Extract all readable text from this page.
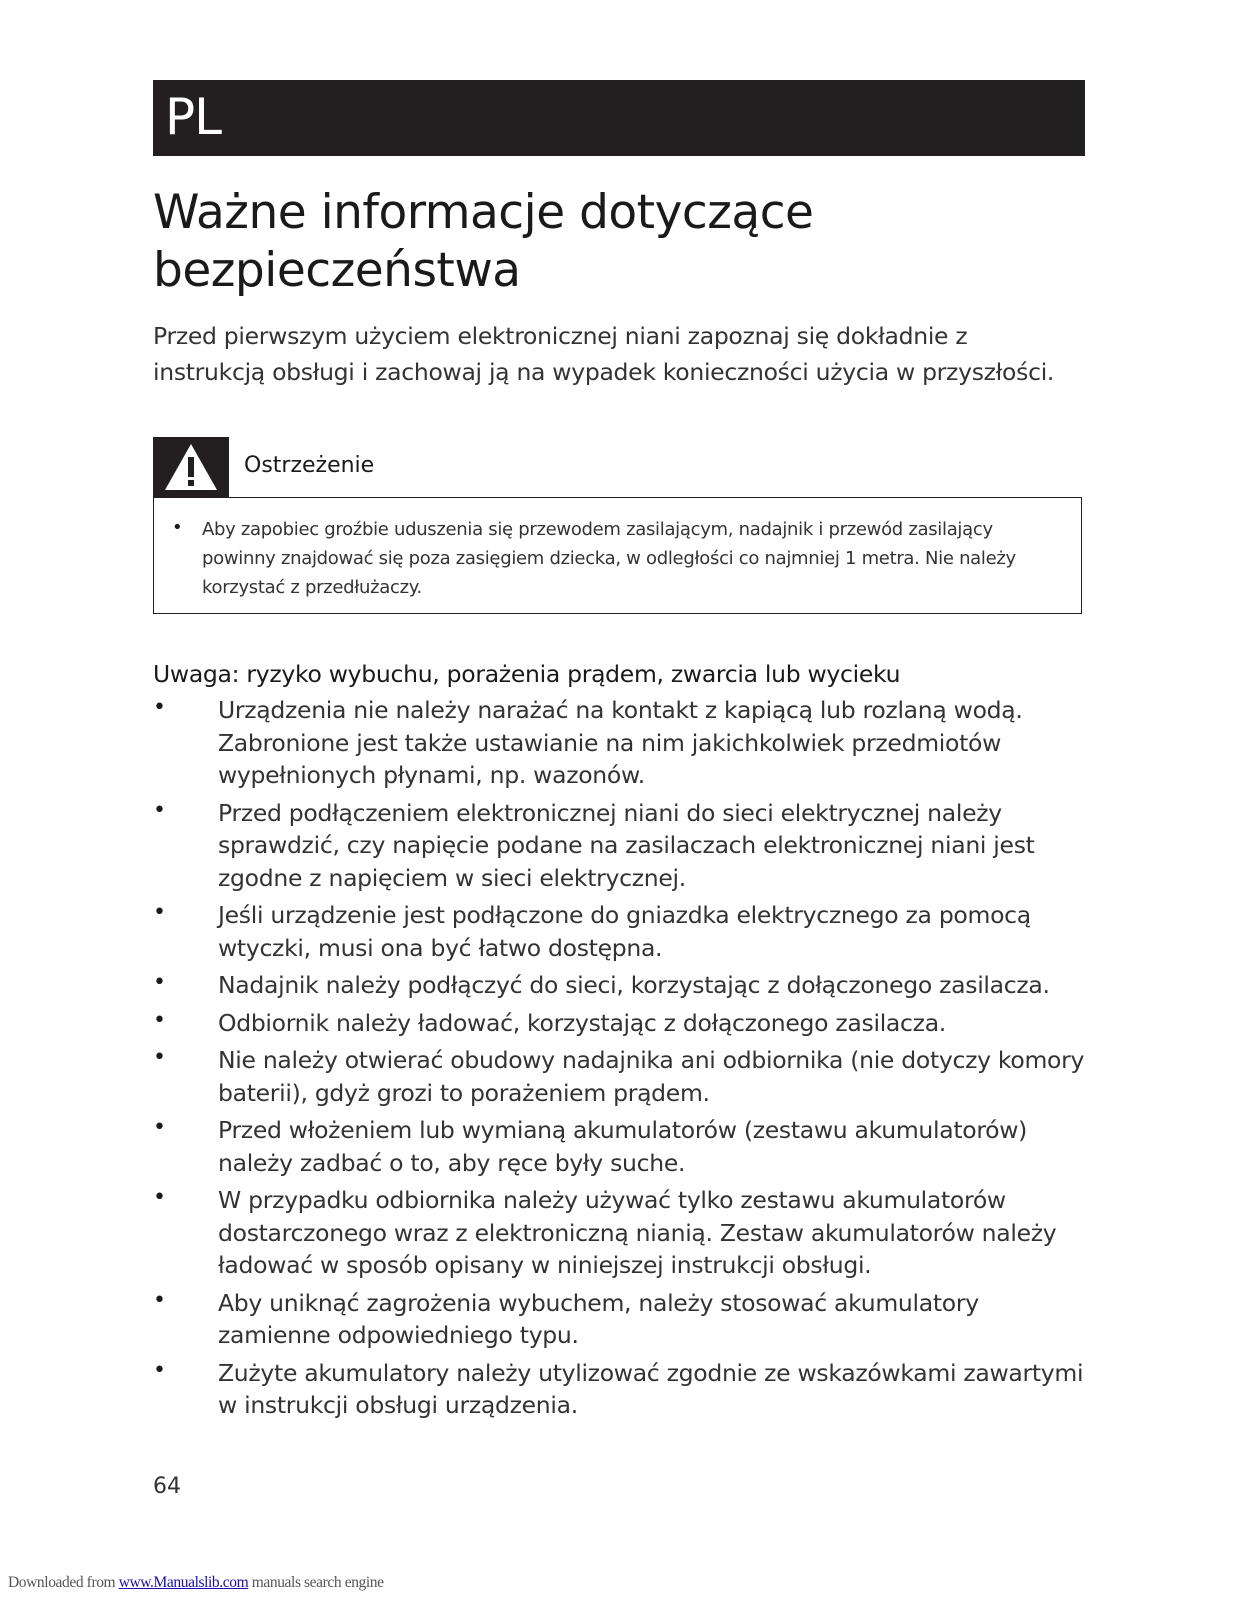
PL
Ważne informacje dotyczące
bezpieczeństwa
Przed pierwszym użyciem elektronicznej niani zapoznaj się dokładnie z instrukcją obsługi i zachowaj ją na wypadek konieczności użycia w przyszłości.
Ostrzeżenie
• Aby zapobiec groźbie uduszenia się przewodem zasilającym, nadajnik i przewód zasilający powinny znajdować się poza zasięgiem dziecka, w odległości co najmniej 1 metra. Nie należy korzystać z przedłużaczy.
Uwaga: ryzyko wybuchu, porażenia prądem, zwarcia lub wycieku
• Urządzenia nie należy narażać na kontakt z kapiącą lub rozlaną wodą. Zabronione jest także ustawianie na nim jakichkolwiek przedmiotów wypełnionych płynami, np. wazonów.
• Przed podłączeniem elektronicznej niani do sieci elektrycznej należy sprawdzić, czy napięcie podane na zasilaczach elektronicznej niani jest zgodne z napięciem w sieci elektrycznej.
• Jeśli urządzenie jest podłączone do gniazdka elektrycznego za pomocą wtyczki, musi ona być łatwo dostępna.
• Nadajnik należy podłączyć do sieci, korzystając z dołączonego zasilacza.
• Odbiornik należy ładować, korzystając z dołączonego zasilacza.
• Nie należy otwierać obudowy nadajnika ani odbiornika (nie dotyczy komory baterii), gdyż grozi to porażeniem prądem.
• Przed włożeniem lub wymianą akumulatorów (zestawu akumulatorów) należy zadbać o to, aby ręce były suche.
• W przypadku odbiornika należy używać tylko zestawu akumulatorów dostarczonego wraz z elektroniczną nianią. Zestaw akumulatorów należy ładować w sposób opisany w niniejszej instrukcji obsługi.
• Aby uniknąć zagrożenia wybuchem, należy stosować akumulatory zamienne odpowiedniego typu.
• Zużyte akumulatory należy utylizować zgodnie ze wskazówkami zawartymi w instrukcji obsługi urządzenia.
64
Downloaded from www.Manualslib.com manuals search engine
